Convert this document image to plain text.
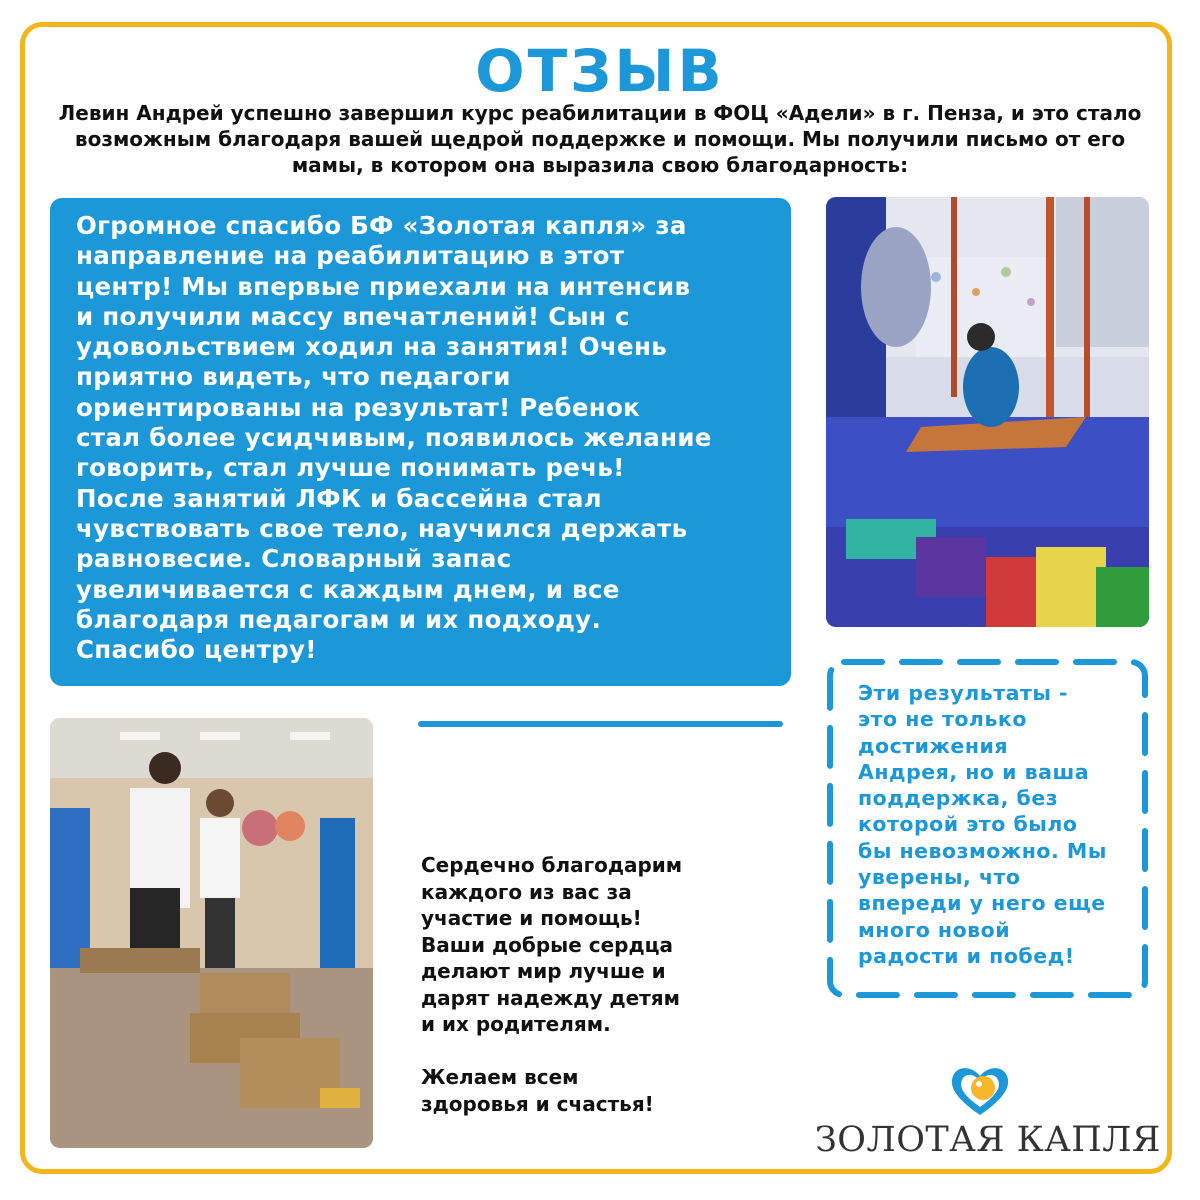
ОТЗЫВ
Левин Андрей успешно завершил курс реабилитации в ФОЦ «Адели» в г. Пенза, и это стало возможным благодаря вашей щедрой поддержке и помощи. Мы получили письмо от его мамы, в котором она выразила свою благодарность:
Огромное спасибо БФ «Золотая капля» за
направление на реабилитацию в этот
центр! Мы впервые приехали на интенсив
и получили массу впечатлений! Сын с
удовольствием ходил на занятия! Очень
приятно видеть, что педагоги
ориентированы на результат! Ребенок
стал более усидчивым, появилось желание
говорить, стал лучше понимать речь!
После занятий ЛФК и бассейна стал
чувствовать свое тело, научился держать
равновесие. Словарный запас
увеличивается с каждым днем, и все
благодаря педагогам и их подходу.
Спасибо центру!
Сердечно благодарим
каждого из вас за
участие и помощь!
Ваши добрые сердца
делают мир лучше и
дарят надежду детям
и их родителям.

Желаем всем
здоровья и счастья!
Эти результаты -
это не только
достижения
Андрея, но и ваша
поддержка, без
которой это было
бы невозможно. Мы
уверены, что
впереди у него еще
много новой
радости и побед!
ЗОЛОТАЯ КАПЛЯ
